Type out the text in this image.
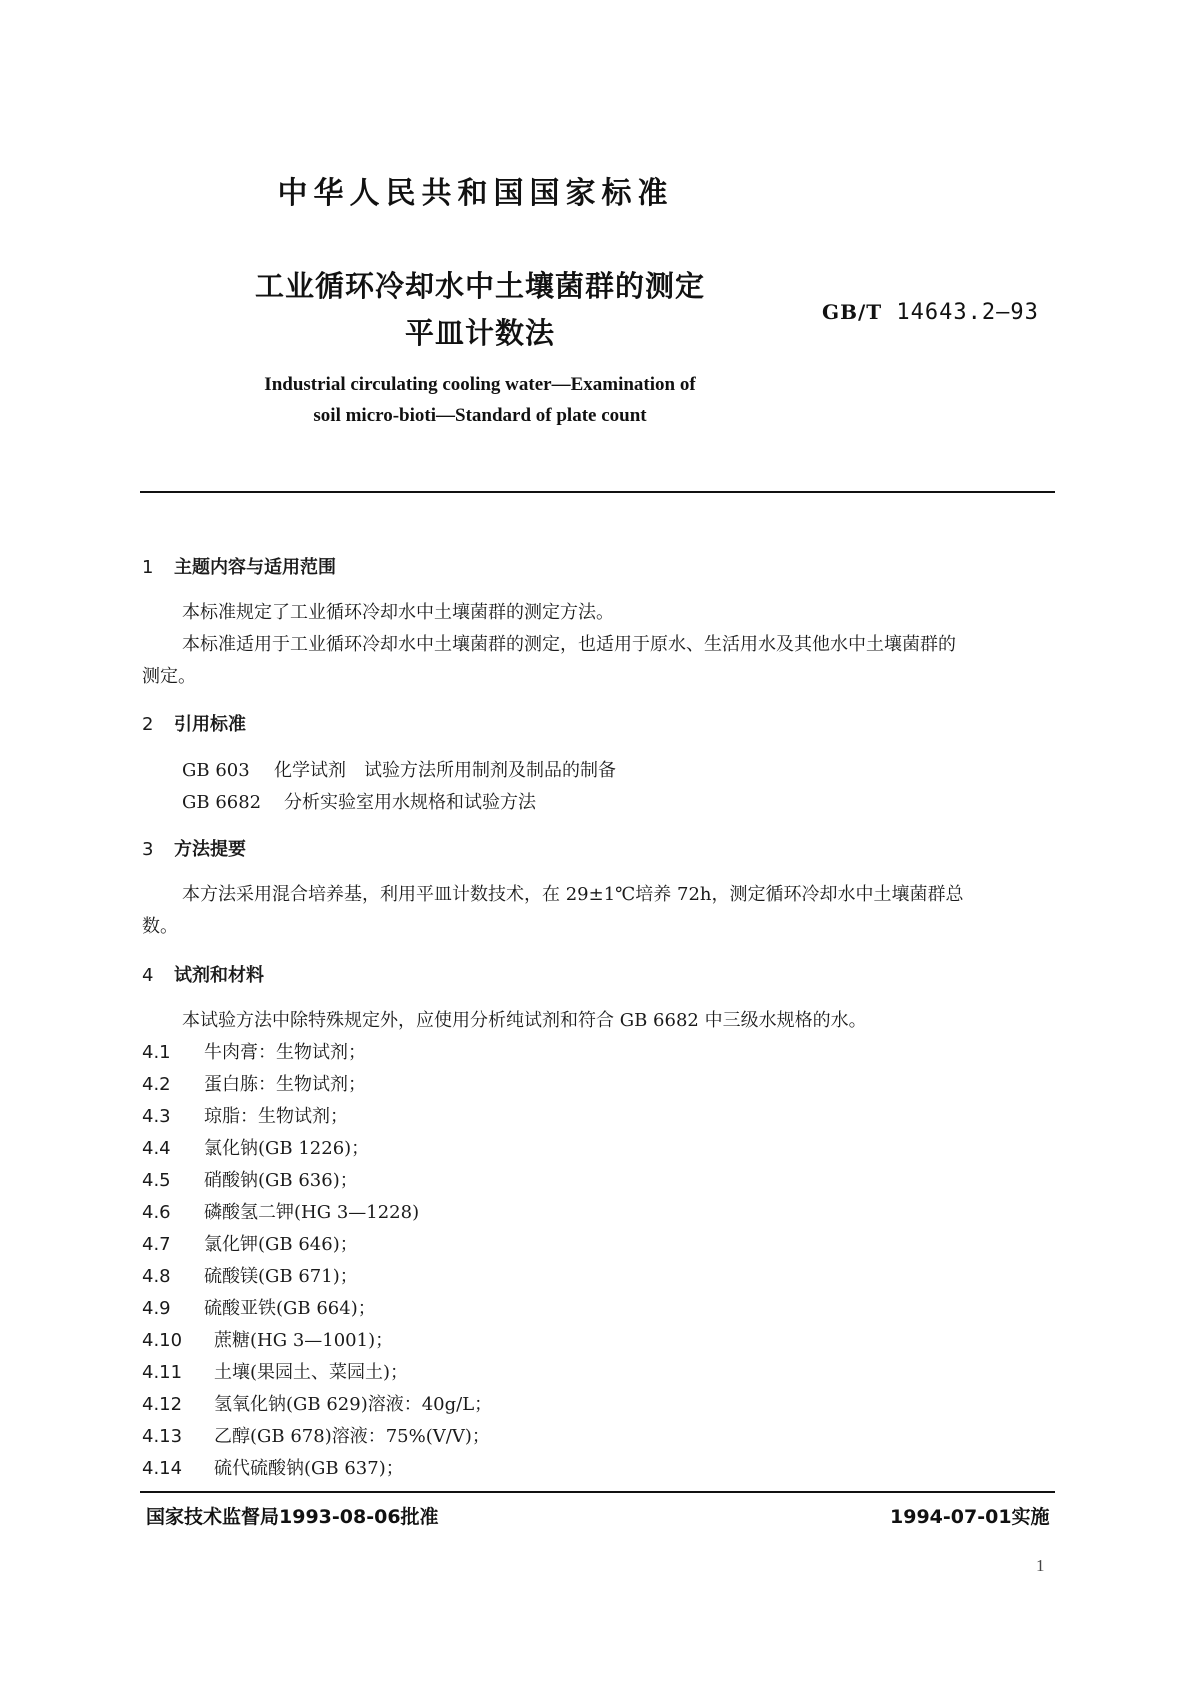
中华人民共和国国家标准
工业循环冷却水中土壤菌群的测定
平皿计数法
GB/T 14643.2—93
Industrial circulating cooling water—Examination of
soil micro-bioti—Standard of plate count
1 主题内容与适用范围
本标准规定了工业循环冷却水中土壤菌群的测定方法。
本标准适用于工业循环冷却水中土壤菌群的测定，也适用于原水、生活用水及其他水中土壤菌群的
测定。
2 引用标准
GB 603 化学试剂　试验方法所用制剂及制品的制备
GB 6682 分析实验室用水规格和试验方法
3 方法提要
本方法采用混合培养基，利用平皿计数技术，在 29±1℃培养 72h，测定循环冷却水中土壤菌群总
数。
4 试剂和材料
本试验方法中除特殊规定外，应使用分析纯试剂和符合 GB 6682 中三级水规格的水。
4.1 牛肉膏：生物试剂；
4.2 蛋白胨：生物试剂；
4.3 琼脂：生物试剂；
4.4 氯化钠(GB 1226)；
4.5 硝酸钠(GB 636)；
4.6 磷酸氢二钾(HG 3—1228)
4.7 氯化钾(GB 646)；
4.8 硫酸镁(GB 671)；
4.9 硫酸亚铁(GB 664)；
4.10 蔗糖(HG 3—1001)；
4.11 土壤(果园土、菜园土)；
4.12 氢氧化钠(GB 629)溶液：40g/L；
4.13 乙醇(GB 678)溶液：75%(V/V)；
4.14 硫代硫酸钠(GB 637)；
国家技术监督局1993-08-06批准	1994-07-01实施
1
